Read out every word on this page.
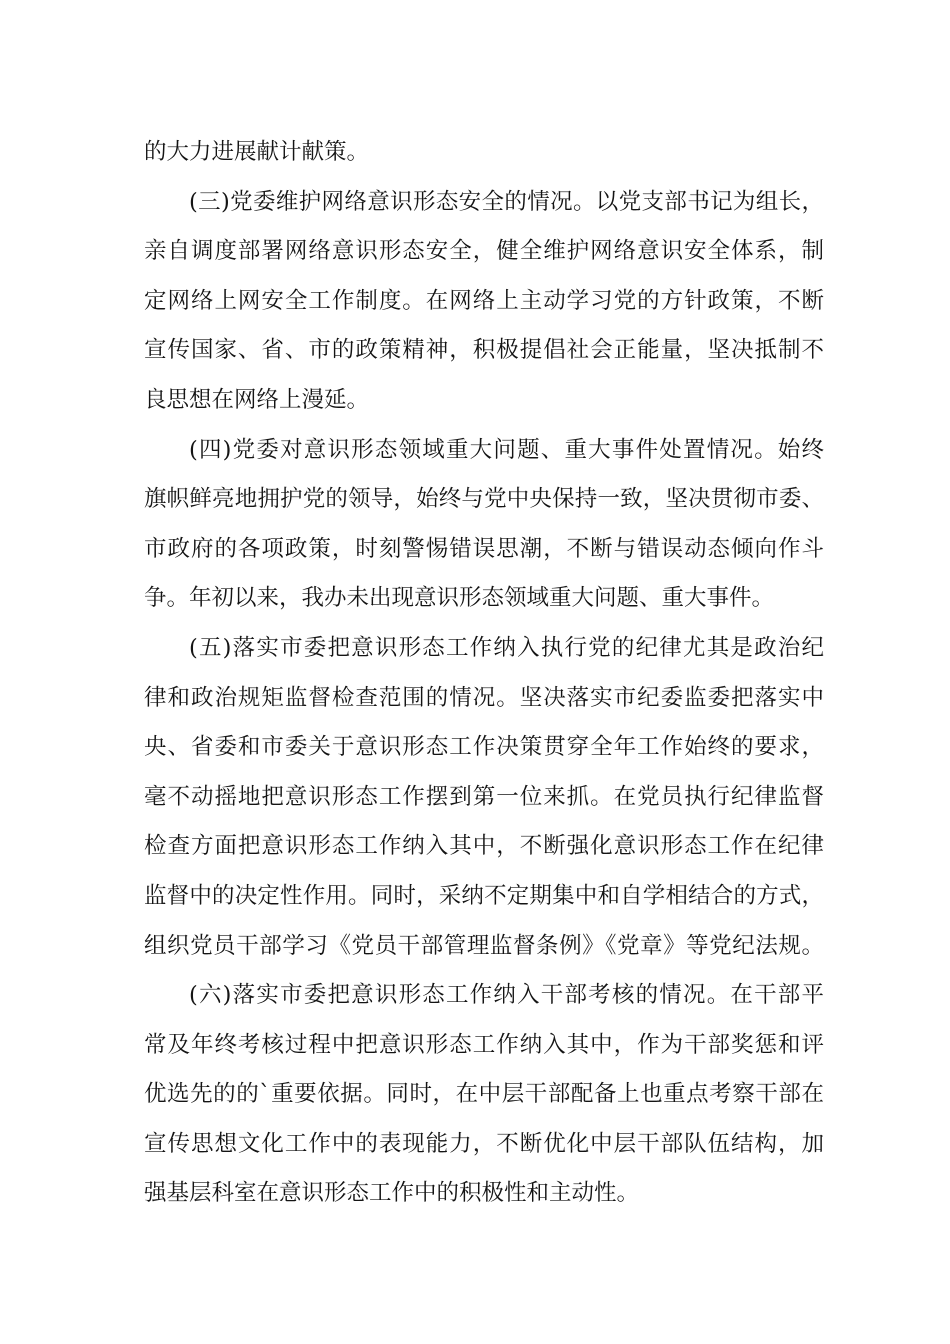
的大力进展献计献策。
(三)党委维护网络意识形态安全的情况。以党支部书记为组长，
亲自调度部署网络意识形态安全，健全维护网络意识安全体系，制
定网络上网安全工作制度。在网络上主动学习党的方针政策，不断
宣传国家、省、市的政策精神，积极提倡社会正能量，坚决抵制不
良思想在网络上漫延。
(四)党委对意识形态领域重大问题、重大事件处置情况。始终
旗帜鲜亮地拥护党的领导，始终与党中央保持一致，坚决贯彻市委、
市政府的各项政策，时刻警惕错误思潮，不断与错误动态倾向作斗
争。年初以来，我办未出现意识形态领域重大问题、重大事件。
(五)落实市委把意识形态工作纳入执行党的纪律尤其是政治纪
律和政治规矩监督检查范围的情况。坚决落实市纪委监委把落实中
央、省委和市委关于意识形态工作决策贯穿全年工作始终的要求，
毫不动摇地把意识形态工作摆到第一位来抓。在党员执行纪律监督
检查方面把意识形态工作纳入其中，不断强化意识形态工作在纪律
监督中的决定性作用。同时，采纳不定期集中和自学相结合的方式，
组织党员干部学习《党员干部管理监督条例》《党章》等党纪法规。
(六)落实市委把意识形态工作纳入干部考核的情况。在干部平
常及年终考核过程中把意识形态工作纳入其中，作为干部奖惩和评
优选先的的`重要依据。同时，在中层干部配备上也重点考察干部在
宣传思想文化工作中的表现能力，不断优化中层干部队伍结构，加
强基层科室在意识形态工作中的积极性和主动性。
